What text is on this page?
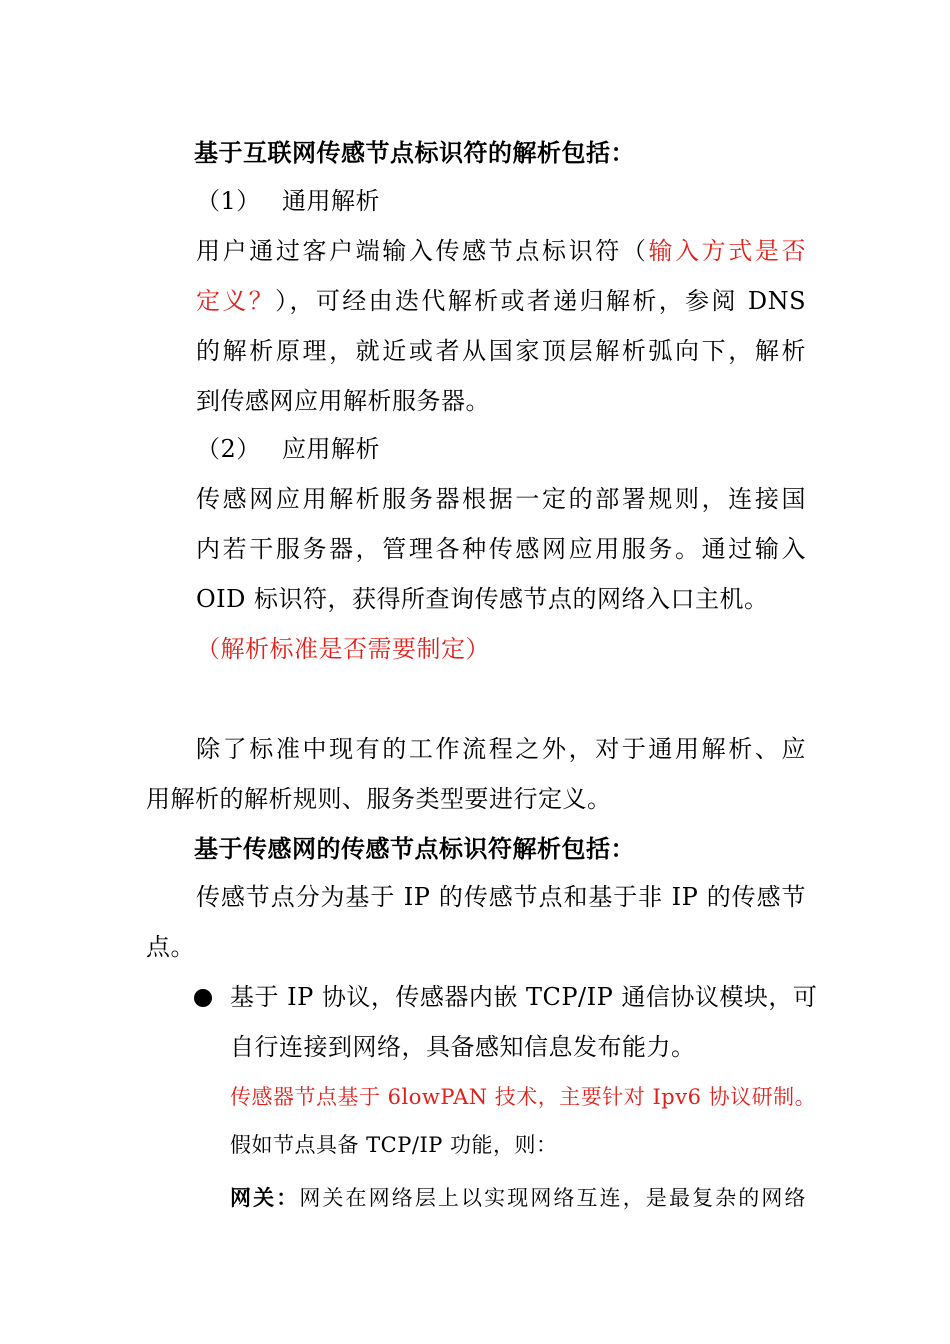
基于互联网传感节点标识符的解析包括：
（1） 通用解析
用户通过客户端输入传感节点标识符（输入方式是否
定义？），可经由迭代解析或者递归解析，参阅 DNS
的解析原理，就近或者从国家顶层解析弧向下，解析
到传感网应用解析服务器。
（2） 应用解析
传感网应用解析服务器根据一定的部署规则，连接国
内若干服务器，管理各种传感网应用服务。通过输入
OID 标识符，获得所查询传感节点的网络入口主机。
（解析标准是否需要制定）
除了标准中现有的工作流程之外，对于通用解析、应
用解析的解析规则、服务类型要进行定义。
基于传感网的传感节点标识符解析包括：
传感节点分为基于 IP 的传感节点和基于非 IP 的传感节
点。
基于 IP 协议，传感器内嵌 TCP/IP 通信协议模块，可
自行连接到网络，具备感知信息发布能力。
传感器节点基于 6lowPAN 技术，主要针对 Ipv6 协议研制。
假如节点具备 TCP/IP 功能，则：
网关：网关在网络层上以实现网络互连，是最复杂的网络
